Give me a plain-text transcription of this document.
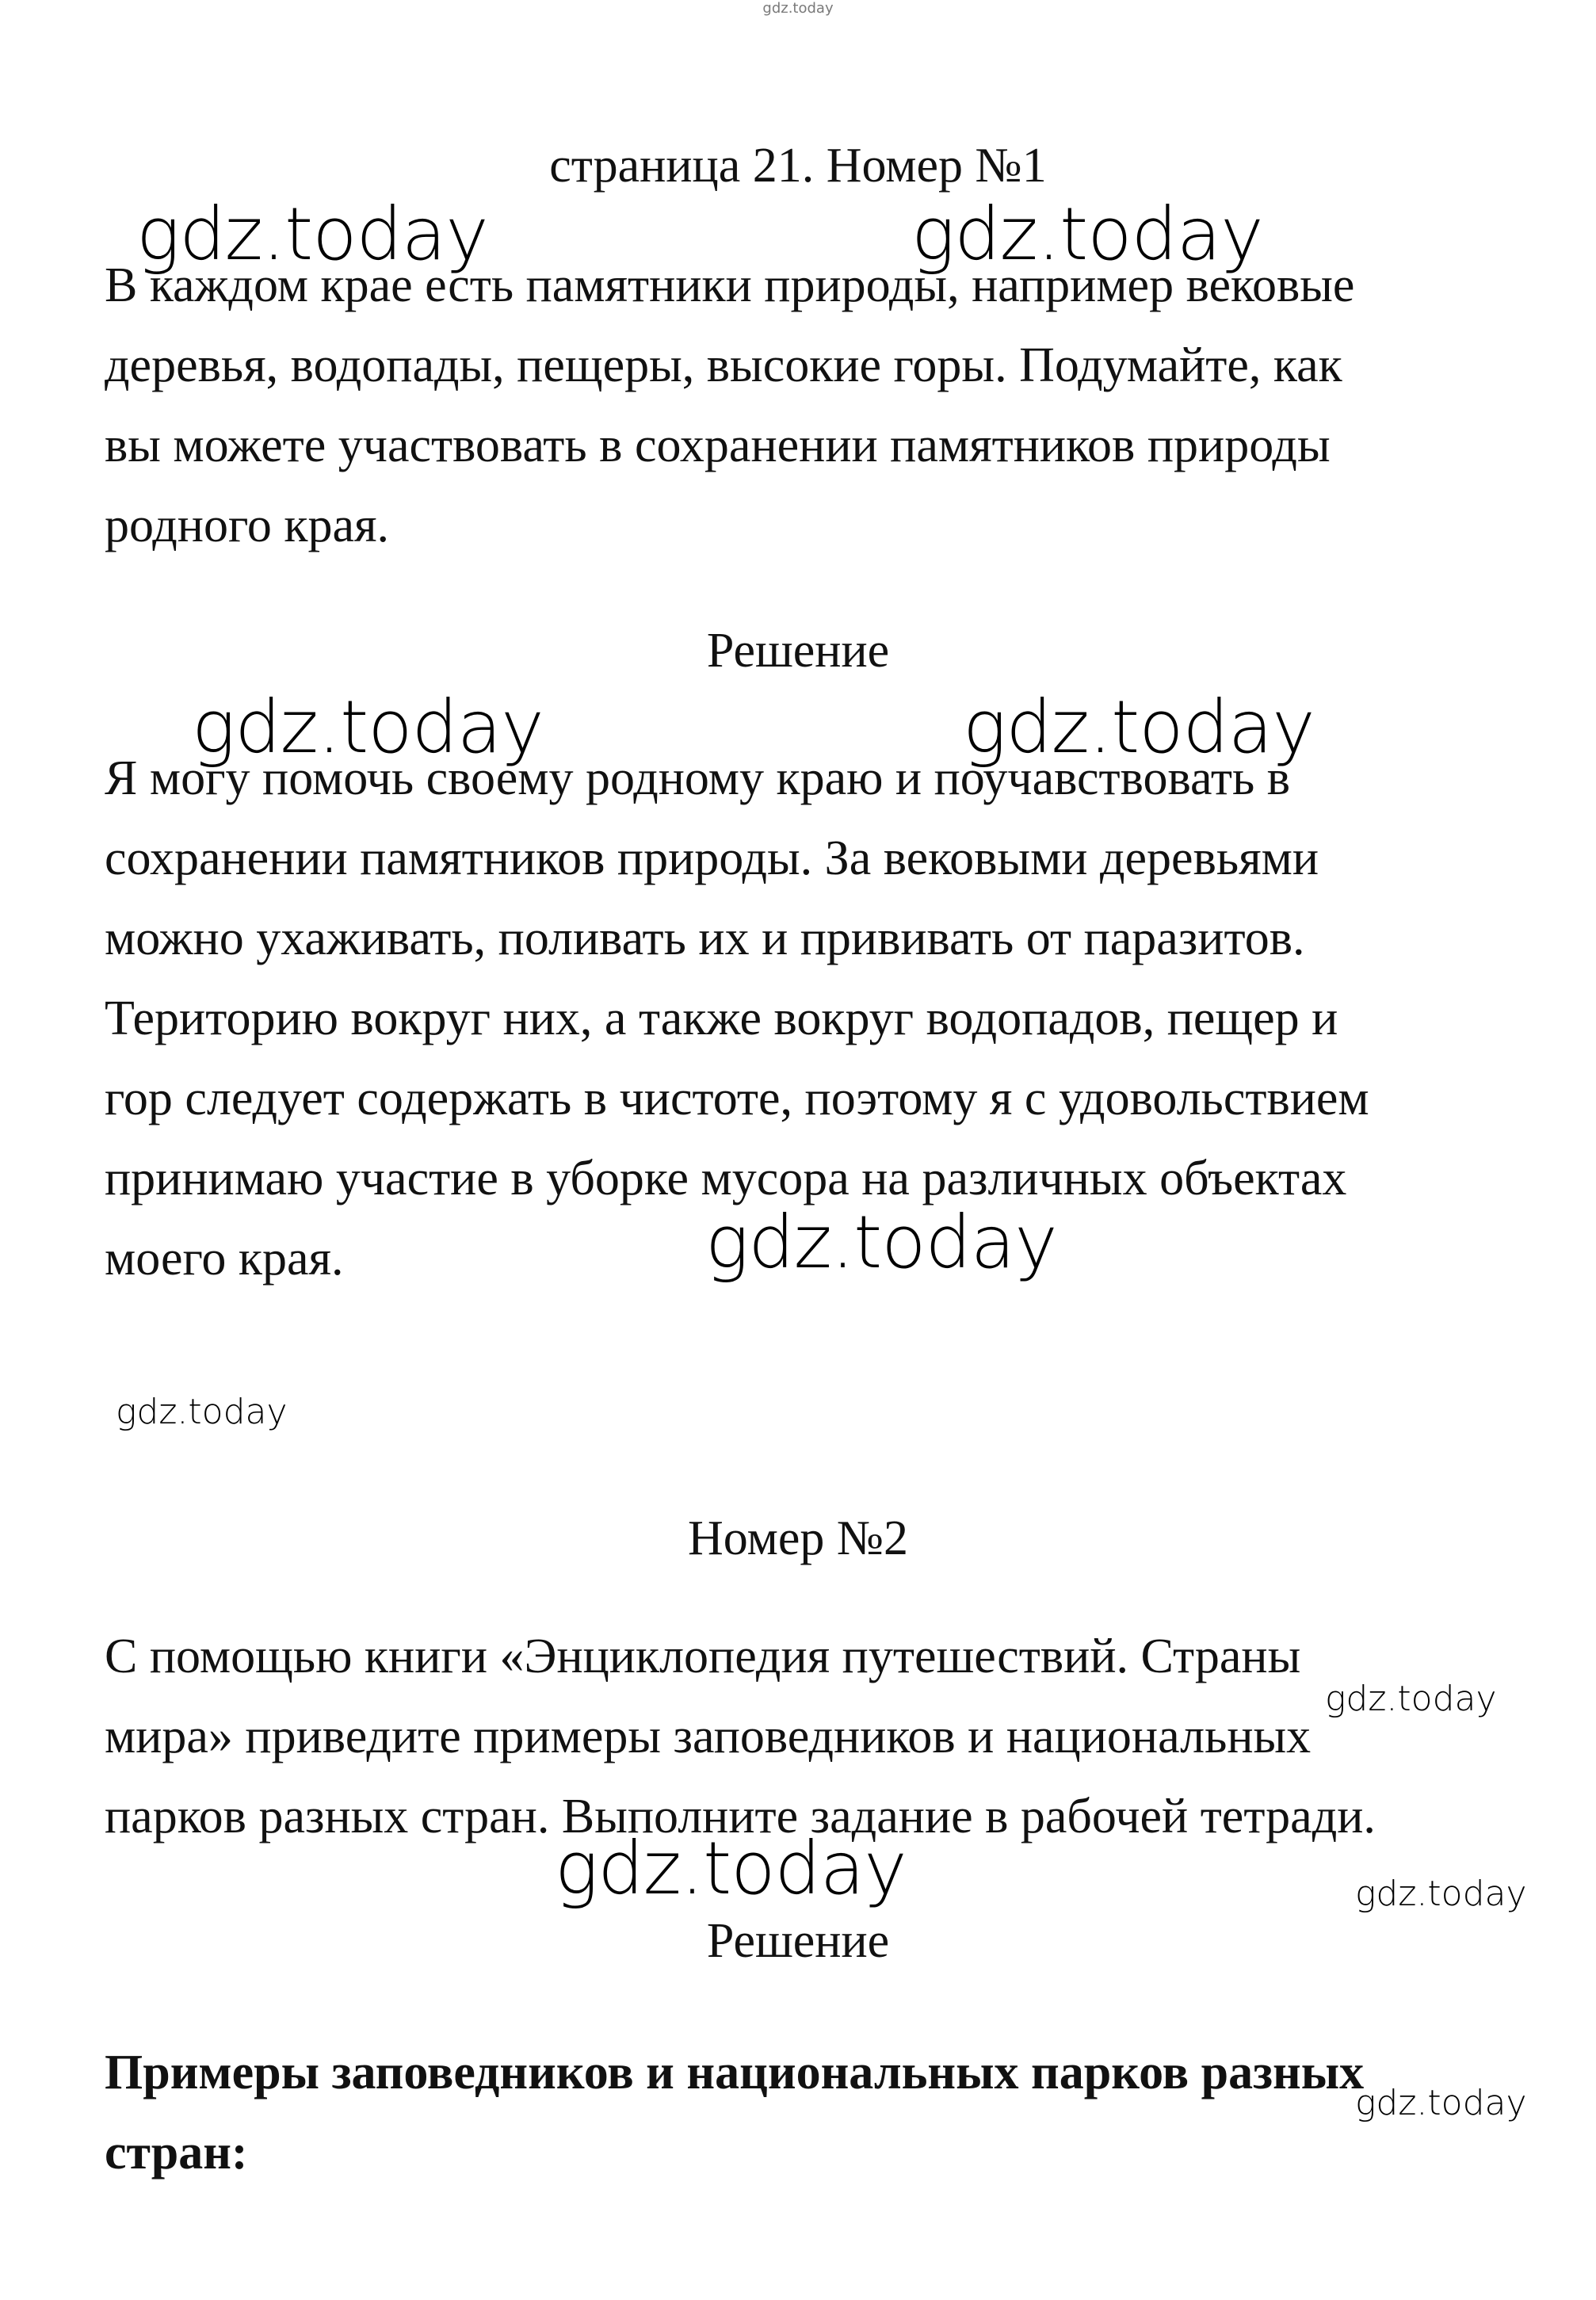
gdz.today
страница 21. Номер №1
В каждом крае есть памятники природы, например вековые
деревья, водопады, пещеры, высокие горы. Подумайте, как
вы можете участвовать в сохранении памятников природы
родного края.
Решение
Я могу помочь своему родному краю и поучавствовать в
сохранении памятников природы. За вековыми деревьями
можно ухаживать, поливать их и прививать от паразитов.
Територию вокруг них, а также вокруг водопадов, пещер и
гор следует содержать в чистоте, поэтому я с удовольствием
принимаю участие в уборке мусора на различных объектах
моего края.
Номер №2
С помощью книги «Энциклопедия путешествий. Страны
мира» приведите примеры заповедников и национальных
парков разных стран. Выполните задание в рабочей тетради.
Решение
Примеры заповедников и национальных парков разных
стран:
gdz.today	gdz.today
gdz.today	gdz.today
gdz.today
gdz.today
gdz.today
gdz.today	gdz.today
gdz.today
